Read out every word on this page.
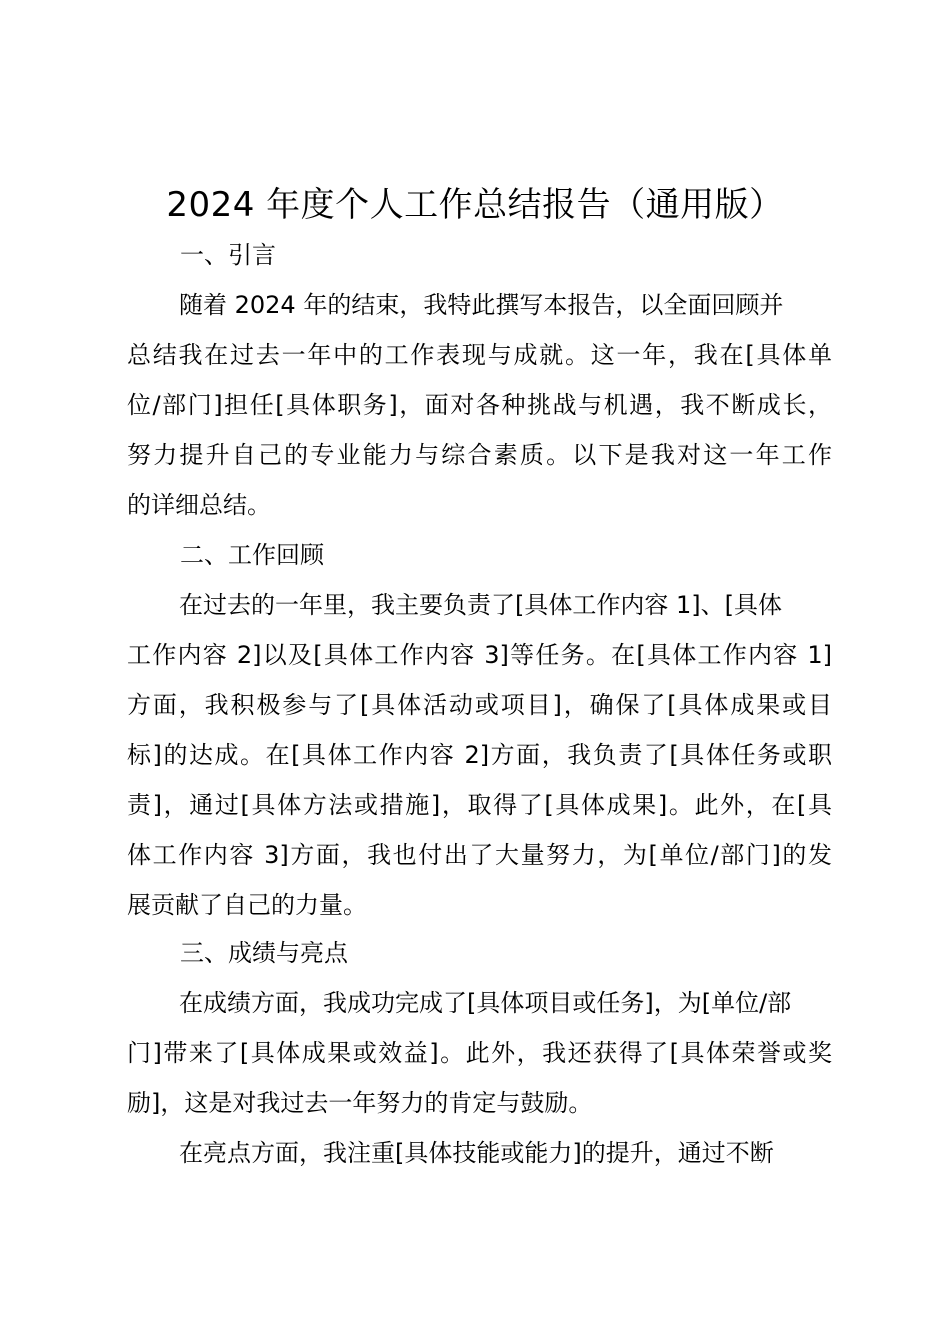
2024 年度个人工作总结报告（通用版）

一、引言

随着 2024 年的结束，我特此撰写本报告，以全面回顾并

总结我在过去一年中的工作表现与成就。这一年，我在[具体单

位/部门]担任[具体职务]，面对各种挑战与机遇，我不断成长，

努力提升自己的专业能力与综合素质。以下是我对这一年工作

的详细总结。

二、工作回顾

在过去的一年里，我主要负责了[具体工作内容 1]、[具体

工作内容 2]以及[具体工作内容 3]等任务。在[具体工作内容 1]

方面，我积极参与了[具体活动或项目]，确保了[具体成果或目

标]的达成。在[具体工作内容 2]方面，我负责了[具体任务或职

责]，通过[具体方法或措施]，取得了[具体成果]。此外，在[具

体工作内容 3]方面，我也付出了大量努力，为[单位/部门]的发

展贡献了自己的力量。

三、成绩与亮点

在成绩方面，我成功完成了[具体项目或任务]，为[单位/部

门]带来了[具体成果或效益]。此外，我还获得了[具体荣誉或奖

励]，这是对我过去一年努力的肯定与鼓励。

在亮点方面，我注重[具体技能或能力]的提升，通过不断
